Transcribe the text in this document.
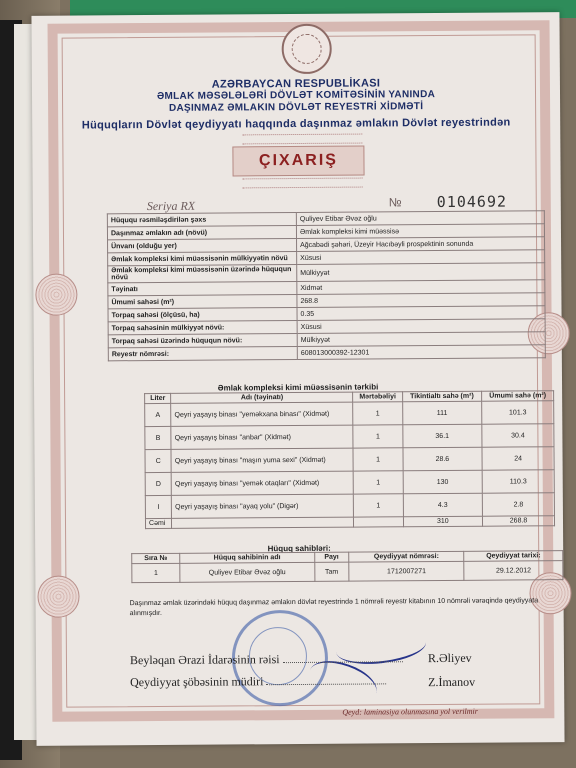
AZƏRBAYCAN RESPUBLİKASI
ƏMLAK MƏSƏLƏLƏRİ DÖVLƏT KOMİTƏSİNİN YANINDA
DAŞINMAZ ƏMLAKIN DÖVLƏT REYESTRİ XİDMƏTİ
Hüquqların Dövlət qeydiyyatı haqqında daşınmaz əmlakın Dövlət reyestrindən
ÇIXARIŞ
Seriya RX	№ 0104692
Hüququ rəsmiləşdirilən şəxs	Quliyev Etibar Əvəz oğlu
Daşınmaz əmlakın adı (növü)	Əmlak kompleksi kimi müəssisə
Ünvanı (olduğu yer)	Ağcabədi şəhəri, Üzeyir Hacıbəyli prospektinin sonunda
Əmlak kompleksi kimi müəssisənin mülkiyyətin növü	Xüsusi
Əmlak kompleksi kimi müəssisənin üzərində hüququn növü	Mülkiyyət
Təyinatı	Xidmət
Ümumi sahəsi (m²)	268.8
Torpaq sahəsi (ölçüsü, ha)	0.35
Torpaq sahəsinin mülkiyyət növü:	Xüsusi
Torpaq sahəsi üzərində hüququn növü:	Mülkiyyət
Reyestr nömrəsi:	608013000392-12301
Əmlak kompleksi kimi müəssisənin tərkibi
Liter	Adı (təyinatı)	Mərtəbəliyi	Tikintialtı sahə (m²)	Ümumi sahə (m²)
A	Qeyri yaşayış binası "yeməkxana binası" (Xidmət)	1	111	101.3
B	Qeyri yaşayış binası "anbar" (Xidmət)	1	36.1	30.4
C	Qeyri yaşayış binası "maşın yuma sexi" (Xidmət)	1	28.6	24
D	Qeyri yaşayış binası "yemək otaqları" (Xidmət)	1	130	110.3
I	Qeyri yaşayış binası "ayaq yolu" (Digər)	1	4.3	2.8
Cəmi			310	268.8
Hüquq sahibləri:
Sıra №	Hüquq sahibinin adı	Payı	Qeydiyyat nömrəsi:	Qeydiyyat tarixi:
1	Quliyev Etibar Əvəz oğlu	Tam	1712007271	29.12.2012
Daşınmaz əmlak üzərindəki hüquq daşınmaz əmlakın dövlət reyestrində 1 nömrəli reyestr kitabının 10 nömrəli vərəqində qeydiyyata alınmışdır.
Beyləqan Ərazi İdarəsinin rəisi	R.Əliyev
Qeydiyyat şöbəsinin müdiri	Z.İmanov
Qeyd: laminasiya olunmasına yol verilmir
